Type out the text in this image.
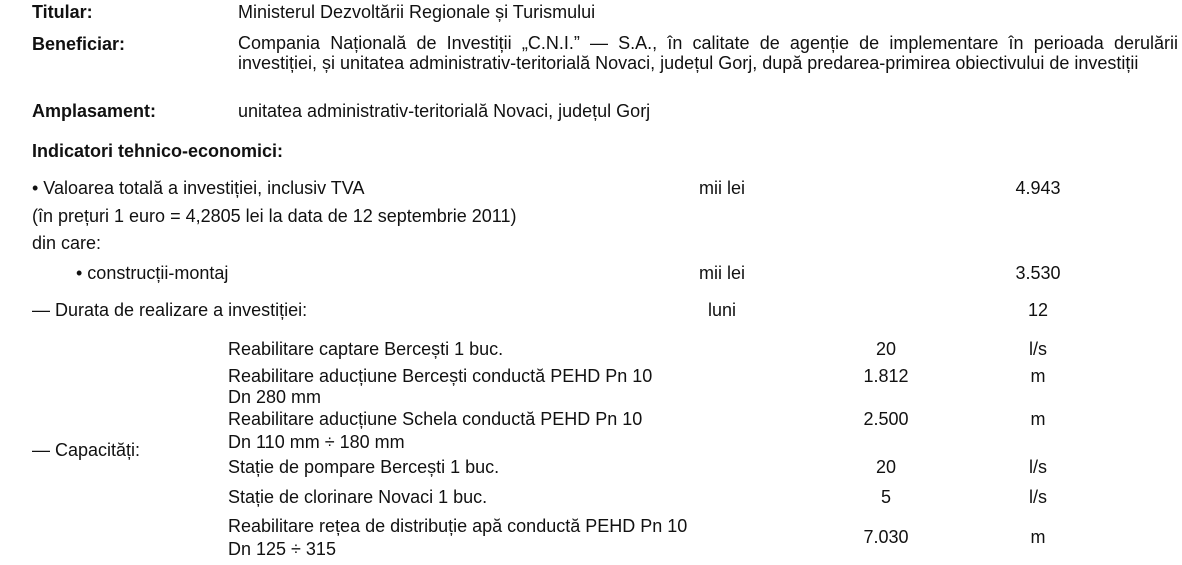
Titular:	Ministerul Dezvoltării Regionale și Turismului
Beneficiar:	Compania Națională de Investiții „C.N.I.” — S.A., în calitate de agenție de implementare în perioada derulării investiției, și unitatea administrativ-teritorială Novaci, județul Gorj, după predarea-primirea obiectivului de investiții
Amplasament:	unitatea administrativ-teritorială Novaci, județul Gorj
Indicatori tehnico-economici:
• Valoarea totală a investiției, inclusiv TVA	mii lei	4.943
(în prețuri 1 euro = 4,2805 lei la data de 12 septembrie 2011)
din care:
• construcții-montaj	mii lei	3.530
— Durata de realizare a investiției:	luni	12
— Capacități:
Reabilitare captare Bercești 1 buc.	20	l/s
Reabilitare aducțiune Bercești conductă PEHD Pn 10
Dn 280 mm
1.812	m
Reabilitare aducțiune Schela conductă PEHD Pn 10
Dn 110 mm ÷ 180 mm
2.500	m
Stație de pompare Bercești 1 buc.	20	l/s
Stație de clorinare Novaci 1 buc.	5	l/s
Reabilitare rețea de distribuție apă conductă PEHD Pn 10
Dn 125 ÷ 315
7.030	m
